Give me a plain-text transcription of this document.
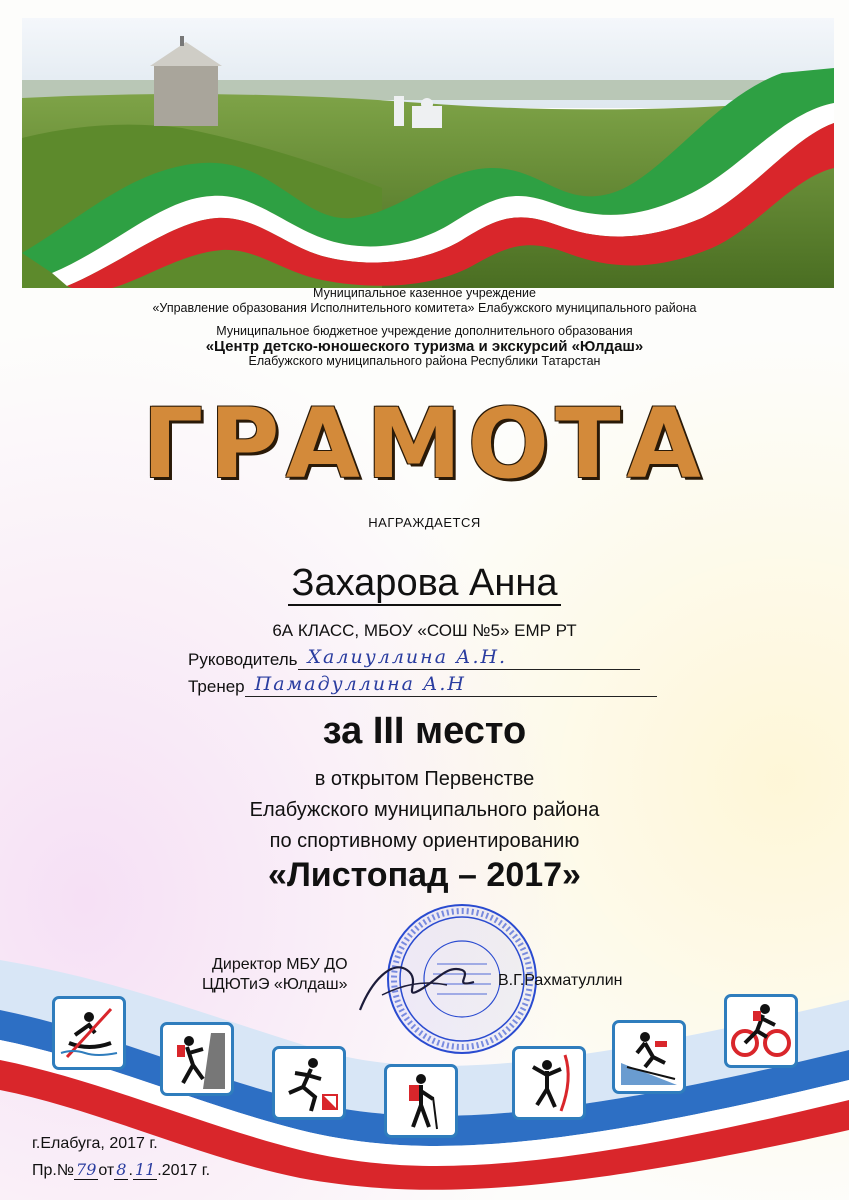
Муниципальное казенное учреждение
«Управление образования Исполнительного комитета» Елабужского муниципального района
Муниципальное бюджетное учреждение дополнительного образования
«Центр детско-юношеского туризма и экскурсий «Юлдаш»
Елабужского муниципального района Республики Татарстан
ГРАМОТА
НАГРАЖДАЕТСЯ
Захарова Анна
6А КЛАСС, МБОУ «СОШ №5» ЕМР РТ
Руководитель Халиуллина А.Н.
Тренер Памадуллина А.Н
за III место
в открытом Первенстве
Елабужского муниципального района
по спортивному ориентированию
«Листопад – 2017»
Директор МБУ ДО
ЦДЮТиЭ «Юлдаш»	В.Г.Рахматуллин
г.Елабуга, 2017 г.
Пр.№ 79 от 8 . 11 .2017 г.
